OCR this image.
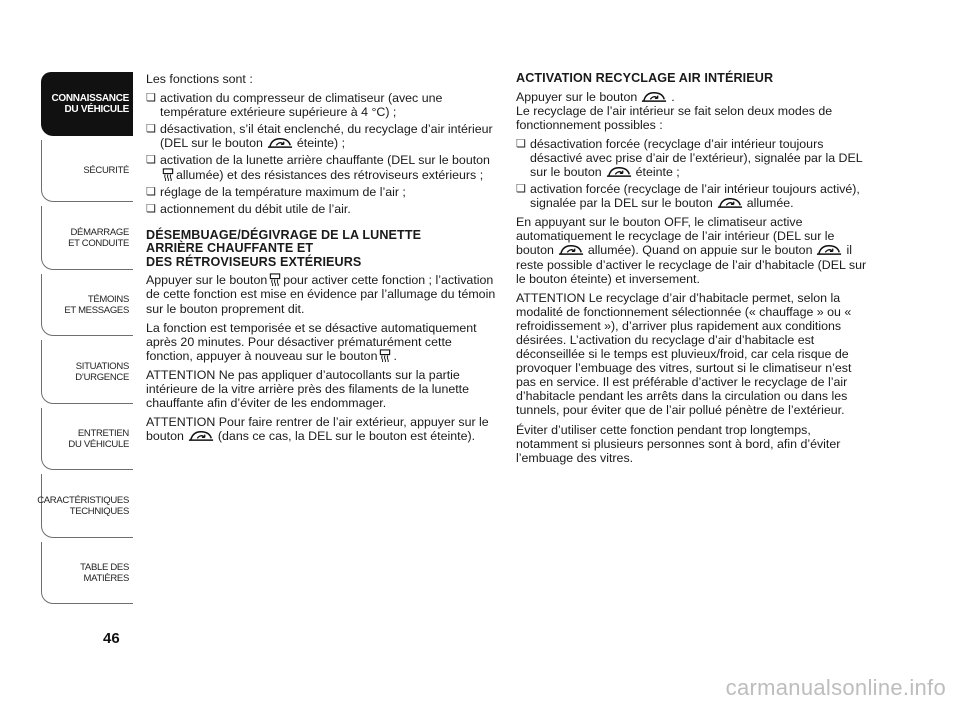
CONNAISSANCE
DU VÉHICULE
SÉCURITÉ
DÉMARRAGE
ET CONDUITE
TÉMOINS
ET MESSAGES
SITUATIONS
D’URGENCE
ENTRETIEN
DU VÉHICULE
CARACTÉRISTIQUES
TECHNIQUES
TABLE DES
MATIÈRES
46

Les fonctions sont :

❏ activation du compresseur de climatiseur (avec une température extérieure supérieure à 4 °C) ;
❏ désactivation, s’il était enclenché, du recyclage d’air intérieur (DEL sur le bouton	éteinte) ;
❏ activation de la lunette arrière chauffante (DEL sur le boutonallumée) et des résistances des rétroviseurs extérieurs ;
❏ réglage de la température maximum de l’air ;
❏ actionnement du débit utile de l’air.
DÉSEMBUAGE/DÉGIVRAGE DE LA LUNETTE
ARRIÈRE CHAUFFANTE ET
DES RÉTROVISEURS EXTÉRIEURS

Appuyer sur le bouton pour activer cette fonction ; l’activation de cette fonction est mise en évidence par l’allumage du témoin sur le bouton proprement dit.

La fonction est temporisée et se désactive automatiquement après 20 minutes. Pour désactiver prématurément cette fonction, appuyer à nouveau sur le bouton .

ATTENTION Ne pas appliquer d’autocollants sur la partie intérieure de la vitre arrière près des filaments de la lunette chauffante afin d’éviter de les endommager.

ATTENTION Pour faire rentrer de l’air extérieur, appuyer sur le bouton	(dans ce cas, la DEL sur le bouton est éteinte).

ACTIVATION RECYCLAGE AIR INTÉRIEUR

Appuyer sur le bouton	.
Le recyclage de l’air intérieur se fait selon deux modes de fonctionnement possibles :

❏ désactivation forcée (recyclage d’air intérieur toujours désactivé avec prise d’air de l’extérieur), signalée par la DEL sur le bouton	éteinte ;
❏ activation forcée (recyclage de l’air intérieur toujours activé), signalée par la DEL sur le bouton	allumée.

En appuyant sur le bouton OFF, le climatiseur active automatiquement le recyclage de l’air intérieur (DEL sur le bouton	allumée). Quand on appuie sur le bouton	il reste possible d’activer le recyclage de l’air d’habitacle (DEL sur le bouton éteinte) et inversement.

ATTENTION Le recyclage d’air d’habitacle permet, selon la modalité de fonctionnement sélectionnée (« chauffage » ou « refroidissement »), d’arriver plus rapidement aux conditions désirées. L’activation du recyclage d’air d’habitacle est déconseillée si le temps est pluvieux/froid, car cela risque de provoquer l’embuage des vitres, surtout si le climatiseur n’est pas en service. Il est préférable d’activer le recyclage de l’air d’habitacle pendant les arrêts dans la circulation ou dans les tunnels, pour éviter que de l’air pollué pénètre de l’extérieur.

Éviter d’utiliser cette fonction pendant trop longtemps, notamment si plusieurs personnes sont à bord, afin d’éviter l’embuage des vitres.

carmanualsonline.info
